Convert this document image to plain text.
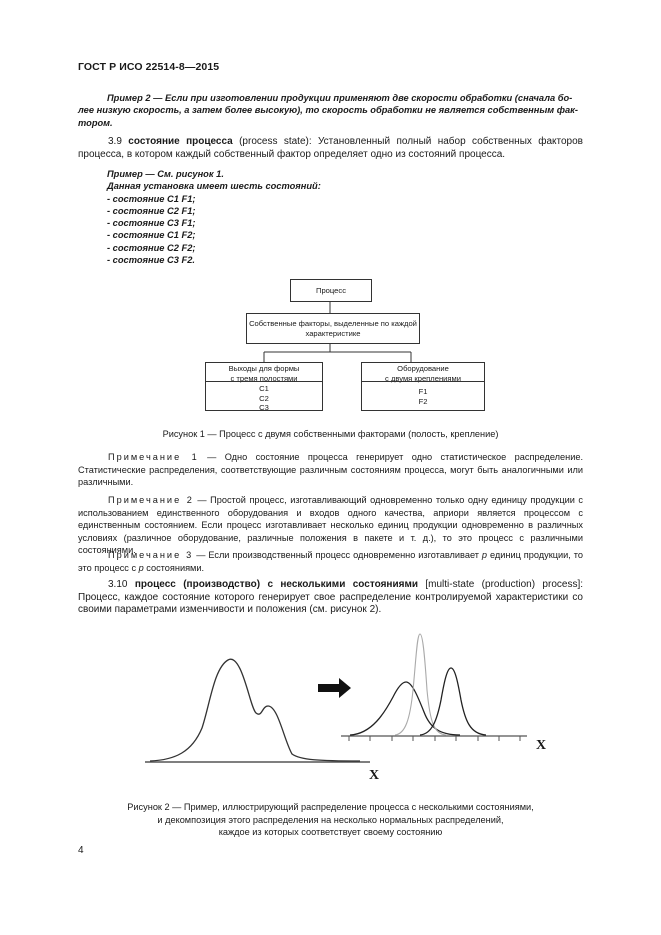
ГОСТ Р ИСО 22514-8—2015
Пример 2 — Если при изготовлении продукции применяют две скорости обработки (сначала бо-
лее низкую скорость, а затем более высокую), то скорость обработки не является собственным фак-
тором.
3.9 состояние процесса (process state): Установленный полный набор собственных факторов процесса, в котором каждый собственный фактор определяет одно из состояний процесса.
Пример — См. рисунок 1.
Данная установка имеет шесть состояний:
- состояние C1 F1;
- состояние C2 F1;
- состояние C3 F1;
- состояние C1 F2;
- состояние C2 F2;
- состояние C3 F2.
Процесс
Собственные факторы, выделенные по каждой
характеристике
Выходы для формы
с тремя полостями
C1
C2
C3
Оборудование
с двумя креплениями
F1
F2
Рисунок 1 — Процесс с двумя собственными факторами (полость, крепление)
Примечание 1 — Одно состояние процесса генерирует одно статистическое распределение. Статистические распределения, соответствующие различным состояниям процесса, могут быть аналогичными или различными.
Примечание 2 — Простой процесс, изготавливающий одновременно только одну единицу продукции с использованием единственного оборудования и входов одного качества, априори является процессом с единственным состоянием. Если процесс изготавливает несколько единиц продукции одновременно в различных условиях (различное оборудование, различные положения в пакете и т. д.), то это процесс с различными состояниями.
Примечание 3 — Если производственный процесс одновременно изготавливает p единиц продукции, то это процесс с p состояниями.
3.10 процесс (производство) с несколькими состояниями [multi-state (production) process]: Процесс, каждое состояние которого генерирует свое распределение контролируемой характеристики со своими параметрами изменчивости и положения (см. рисунок 2).
X
X
Рисунок 2 — Пример, иллюстрирующий распределение процесса с несколькими состояниями,
и декомпозиция этого распределения на несколько нормальных распределений,
каждое из которых соответствует своему состоянию
4
